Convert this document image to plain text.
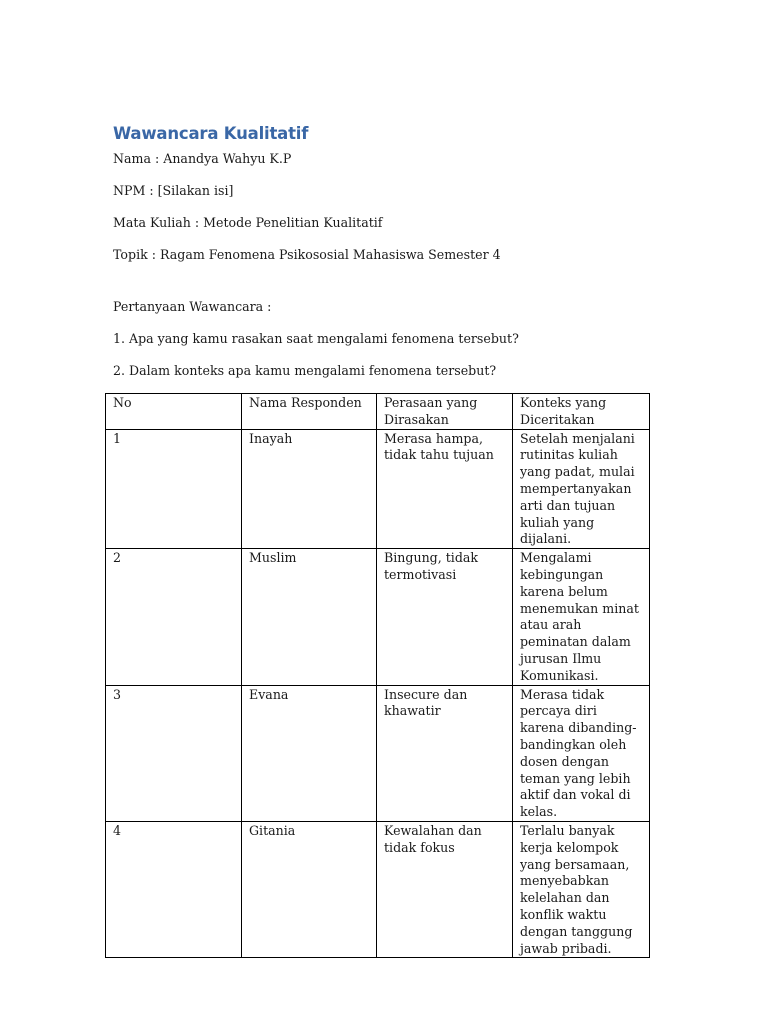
Wawancara Kualitatif
Nama : Anandya Wahyu K.P
NPM : [Silakan isi]
Mata Kuliah : Metode Penelitian Kualitatif
Topik : Ragam Fenomena Psikososial Mahasiswa Semester 4
Pertanyaan Wawancara :
1. Apa yang kamu rasakan saat mengalami fenomena tersebut?
2. Dalam konteks apa kamu mengalami fenomena tersebut?
No	Nama Responden	Perasaan yang Dirasakan	Konteks yang Diceritakan
1	Inayah	Merasa hampa, tidak tahu tujuan	Setelah menjalani rutinitas kuliah yang padat, mulai mempertanyakan arti dan tujuan kuliah yang dijalani.
2	Muslim	Bingung, tidak termotivasi	Mengalami kebingungan karena belum menemukan minat atau arah peminatan dalam jurusan Ilmu Komunikasi.
3	Evana	Insecure dan khawatir	Merasa tidak percaya diri karena dibanding-bandingkan oleh dosen dengan teman yang lebih aktif dan vokal di kelas.
4	Gitania	Kewalahan dan tidak fokus	Terlalu banyak kerja kelompok yang bersamaan, menyebabkan kelelahan dan konflik waktu dengan tanggung jawab pribadi.
